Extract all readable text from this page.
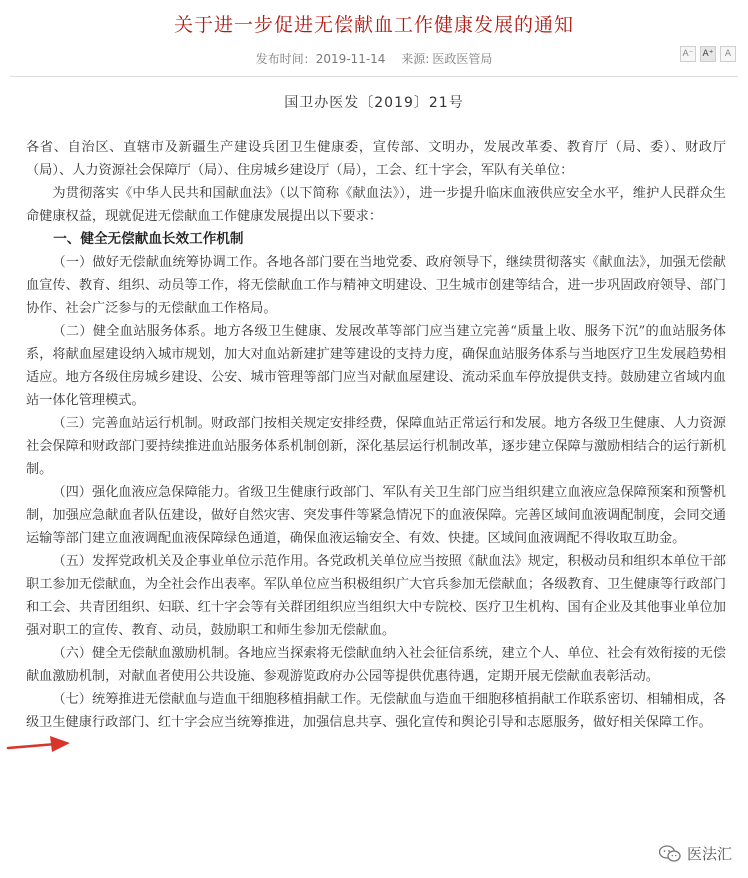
关于进一步促进无偿献血工作健康发展的通知
发布时间：2019-11-14 来源: 医政医管局	A⁻ A⁺	A
国卫办医发〔2019〕21号

各省、自治区、直辖市及新疆生产建设兵团卫生健康委，宣传部、文明办，发展改革委、教育厅（局、委）、财政厅（局）、人力资源社会保障厅（局）、住房城乡建设厅（局），工会、红十字会，军队有关单位：

为贯彻落实《中华人民共和国献血法》（以下简称《献血法》），进一步提升临床血液供应安全水平，维护人民群众生命健康权益，现就促进无偿献血工作健康发展提出以下要求：

一、健全无偿献血长效工作机制

（一）做好无偿献血统筹协调工作。各地各部门要在当地党委、政府领导下，继续贯彻落实《献血法》，加强无偿献血宣传、教育、组织、动员等工作，将无偿献血工作与精神文明建设、卫生城市创建等结合，进一步巩固政府领导、部门协作、社会广泛参与的无偿献血工作格局。

（二）健全血站服务体系。地方各级卫生健康、发展改革等部门应当建立完善“质量上收、服务下沉”的血站服务体系，将献血屋建设纳入城市规划，加大对血站新建扩建等建设的支持力度，确保血站服务体系与当地医疗卫生发展趋势相适应。地方各级住房城乡建设、公安、城市管理等部门应当对献血屋建设、流动采血车停放提供支持。鼓励建立省域内血站一体化管理模式。

（三）完善血站运行机制。财政部门按相关规定安排经费，保障血站正常运行和发展。地方各级卫生健康、人力资源社会保障和财政部门要持续推进血站服务体系机制创新，深化基层运行机制改革，逐步建立保障与激励相结合的运行新机制。

（四）强化血液应急保障能力。省级卫生健康行政部门、军队有关卫生部门应当组织建立血液应急保障预案和预警机制，加强应急献血者队伍建设，做好自然灾害、突发事件等紧急情况下的血液保障。完善区域间血液调配制度，会同交通运输等部门建立血液调配血液保障绿色通道，确保血液运输安全、有效、快捷。区域间血液调配不得收取互助金。

（五）发挥党政机关及企事业单位示范作用。各党政机关单位应当按照《献血法》规定，积极动员和组织本单位干部职工参加无偿献血，为全社会作出表率。军队单位应当积极组织广大官兵参加无偿献血；各级教育、卫生健康等行政部门和工会、共青团组织、妇联、红十字会等有关群团组织应当组织大中专院校、医疗卫生机构、国有企业及其他事业单位加强对职工的宣传、教育、动员，鼓励职工和师生参加无偿献血。

（六）健全无偿献血激励机制。各地应当探索将无偿献血纳入社会征信系统，建立个人、单位、社会有效衔接的无偿献血激励机制，对献血者使用公共设施、参观游览政府办公园等提供优惠待遇，定期开展无偿献血表彰活动。

（七）统筹推进无偿献血与造血干细胞移植捐献工作。无偿献血与造血干细胞移植捐献工作联系密切、相辅相成，各级卫生健康行政部门、红十字会应当统筹推进，加强信息共享、强化宣传和舆论引导和志愿服务，做好相关保障工作。

医法汇
